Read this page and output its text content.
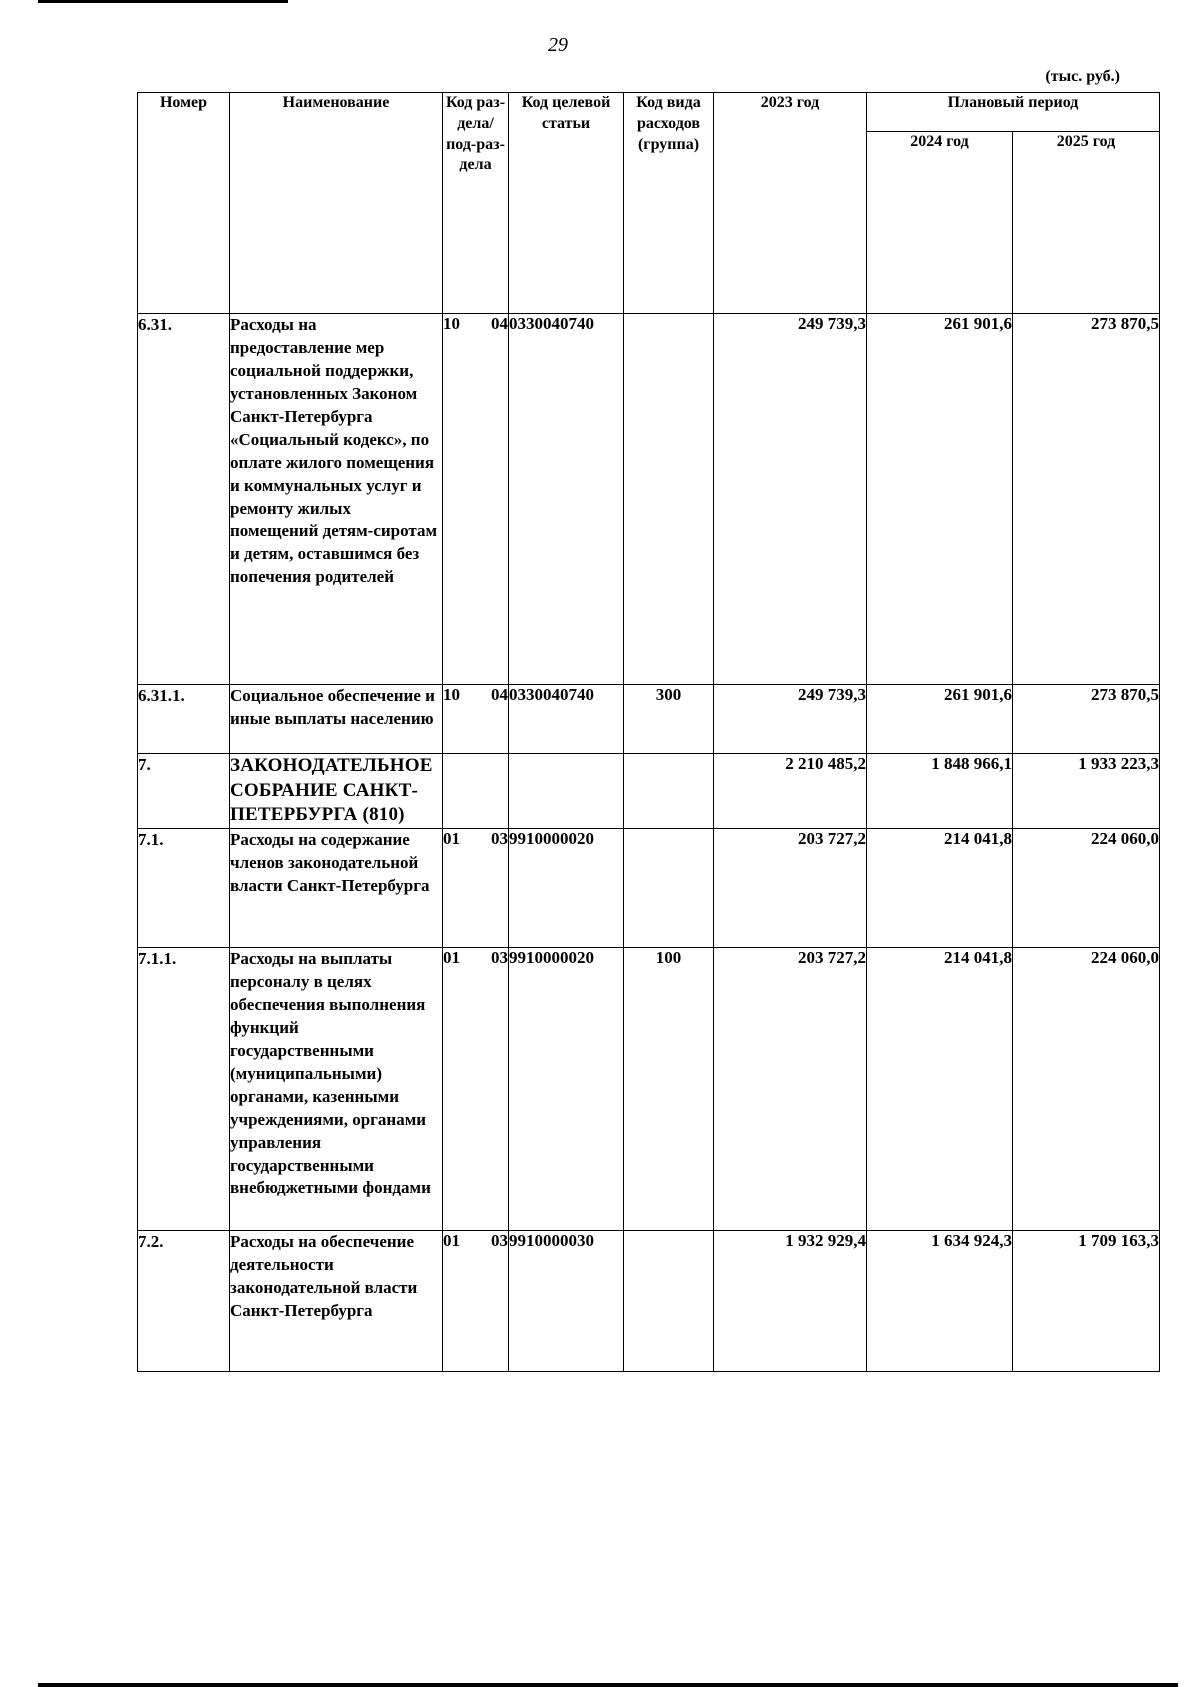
29
(тыс. руб.)
Номер	Наименование	Код раз-дела/ под-раз-дела	Код целевой статьи	Код вида расходов (группа)	2023 год	Плановый период	
						2024 год	2025 год
6.31.	Расходы на предоставление мер социальной поддержки, установленных Законом Санкт-Петербурга «Социальный кодекс», по оплате жилого помещения и коммунальных услуг и ремонту жилых помещений детям-сиротам и детям, оставшимся без попечения родителей	10 04	0330040740		249 739,3	261 901,6	273 870,5
6.31.1.	Социальное обеспечение и иные выплаты населению	10 04	0330040740	300	249 739,3	261 901,6	273 870,5
7.	ЗАКОНОДАТЕЛЬНОЕ СОБРАНИЕ САНКТ-ПЕТЕРБУРГА (810)				2 210 485,2	1 848 966,1	1 933 223,3
7.1.	Расходы на содержание членов законодательной власти Санкт-Петербурга	01 03	9910000020		203 727,2	214 041,8	224 060,0
7.1.1.	Расходы на выплаты персоналу в целях обеспечения выполнения функций государственными (муниципальными) органами, казенными учреждениями, органами управления государственными внебюджетными фондами	01 03	9910000020	100	203 727,2	214 041,8	224 060,0
7.2.	Расходы на обеспечение деятельности законодательной власти Санкт-Петербурга	01 03	9910000030		1 932 929,4	1 634 924,3	1 709 163,3
